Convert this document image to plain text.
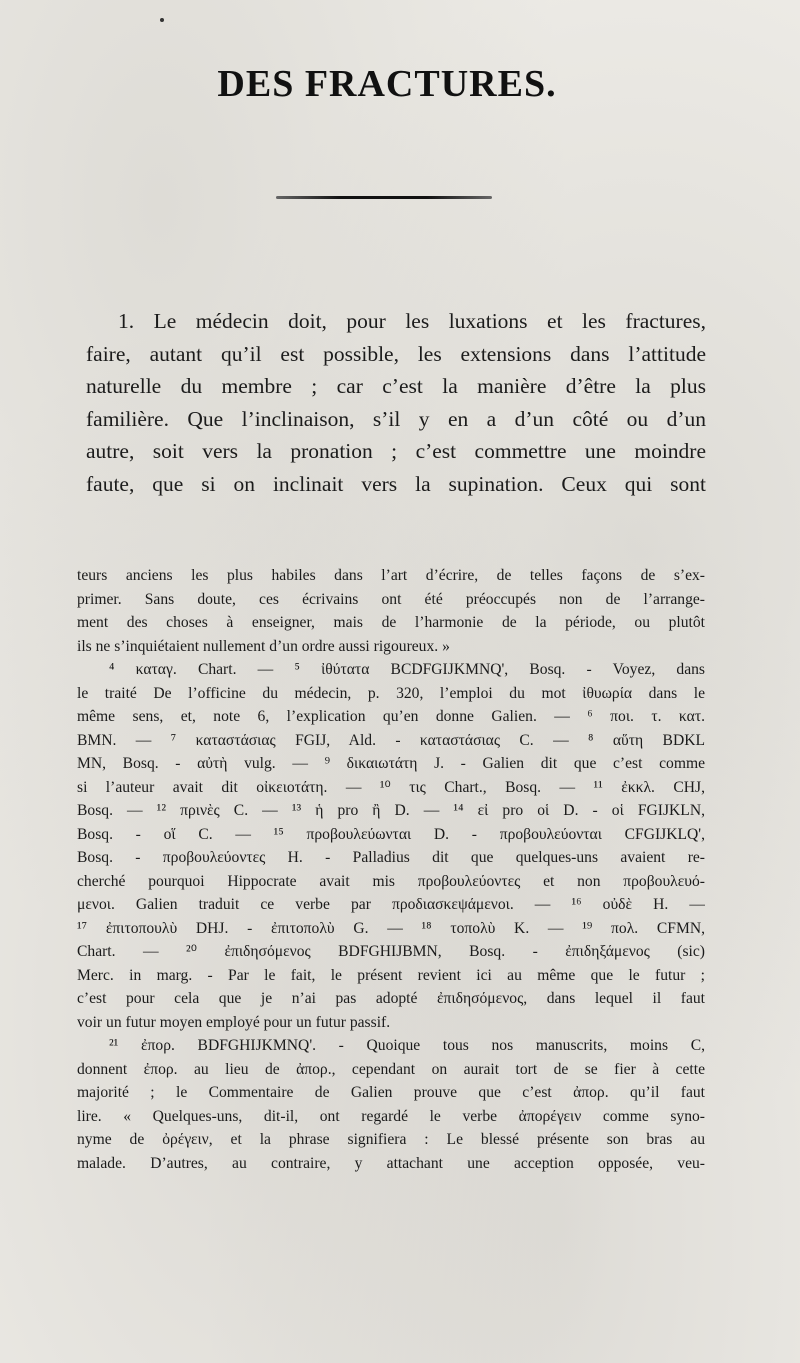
DES FRACTURES.
1. Le médecin doit, pour les luxations et les fractures,
faire, autant qu’il est possible, les extensions dans l’attitude
naturelle du membre ; car c’est la manière d’être la plus
familière. Que l’inclinaison, s’il y en a d’un côté ou d’un
autre, soit vers la pronation ; c’est commettre une moindre
faute, que si on inclinait vers la supination. Ceux qui sont
teurs anciens les plus habiles dans l’art d’écrire, de telles façons de s’ex-
primer. Sans doute, ces écrivains ont été préoccupés non de l’arrange-
ment des choses à enseigner, mais de l’harmonie de la période, ou plutôt
ils ne s’inquiétaient nullement d’un ordre aussi rigoureux. »
⁴ καταγ. Chart. — ⁵ ἰθύτατα BCDFGIJKMNQ', Bosq. - Voyez, dans
le traité De l’officine du médecin, p. 320, l’emploi du mot ἰθυωρία dans le
même sens, et, note 6, l’explication qu’en donne Galien. — ⁶ ποι. τ. κατ.
BMN. — ⁷ καταστάσιας FGIJ, Ald. - καταστάσιας C. — ⁸ αὕτη BDKL
MN, Bosq. - αὐτὴ vulg. — ⁹ δικαιωτάτη J. - Galien dit que c’est comme
si l’auteur avait dit οἰκειοτάτη. — ¹⁰ τις Chart., Bosq. — ¹¹ ἐκκλ. CHJ,
Bosq. — ¹² πρινὲς C. — ¹³ ἡ pro ἢ D. — ¹⁴ εἰ pro οἱ D. - οἱ FGIJKLN,
Bosq. - οἵ C. — ¹⁵ προβουλεύωνται D. - προβουλεύονται CFGIJKLQ',
Bosq. - προβουλεύοντες H. - Palladius dit que quelques-uns avaient re-
cherché pourquoi Hippocrate avait mis προβουλεύοντες et non προβουλευό-
μενοι. Galien traduit ce verbe par προδιασκεψάμενοι. — ¹⁶ οὐδὲ H. —
¹⁷ ἐπιτοπουλὺ DHJ. - ἐπιτοπολὺ G. — ¹⁸ τοπολὺ K. — ¹⁹ πολ. CFMN,
Chart. — ²⁰ ἐπιδησόμενος BDFGHIJBMN, Bosq. - ἐπιδηξάμενος (sic)
Merc. in marg. - Par le fait, le présent revient ici au même que le futur ;
c’est pour cela que je n’ai pas adopté ἐπιδησόμενος, dans lequel il faut
voir un futur moyen employé pour un futur passif.
²¹ ἐπορ. BDFGHIJKMNQ'. - Quoique tous nos manuscrits, moins C,
donnent ἐπορ. au lieu de ἀπορ., cependant on aurait tort de se fier à cette
majorité ; le Commentaire de Galien prouve que c’est ἀπορ. qu’il faut
lire. « Quelques-uns, dit-il, ont regardé le verbe ἀπορέγειν comme syno-
nyme de ὀρέγειν, et la phrase signifiera : Le blessé présente son bras au
malade. D’autres, au contraire, y attachant une acception opposée, veu-
